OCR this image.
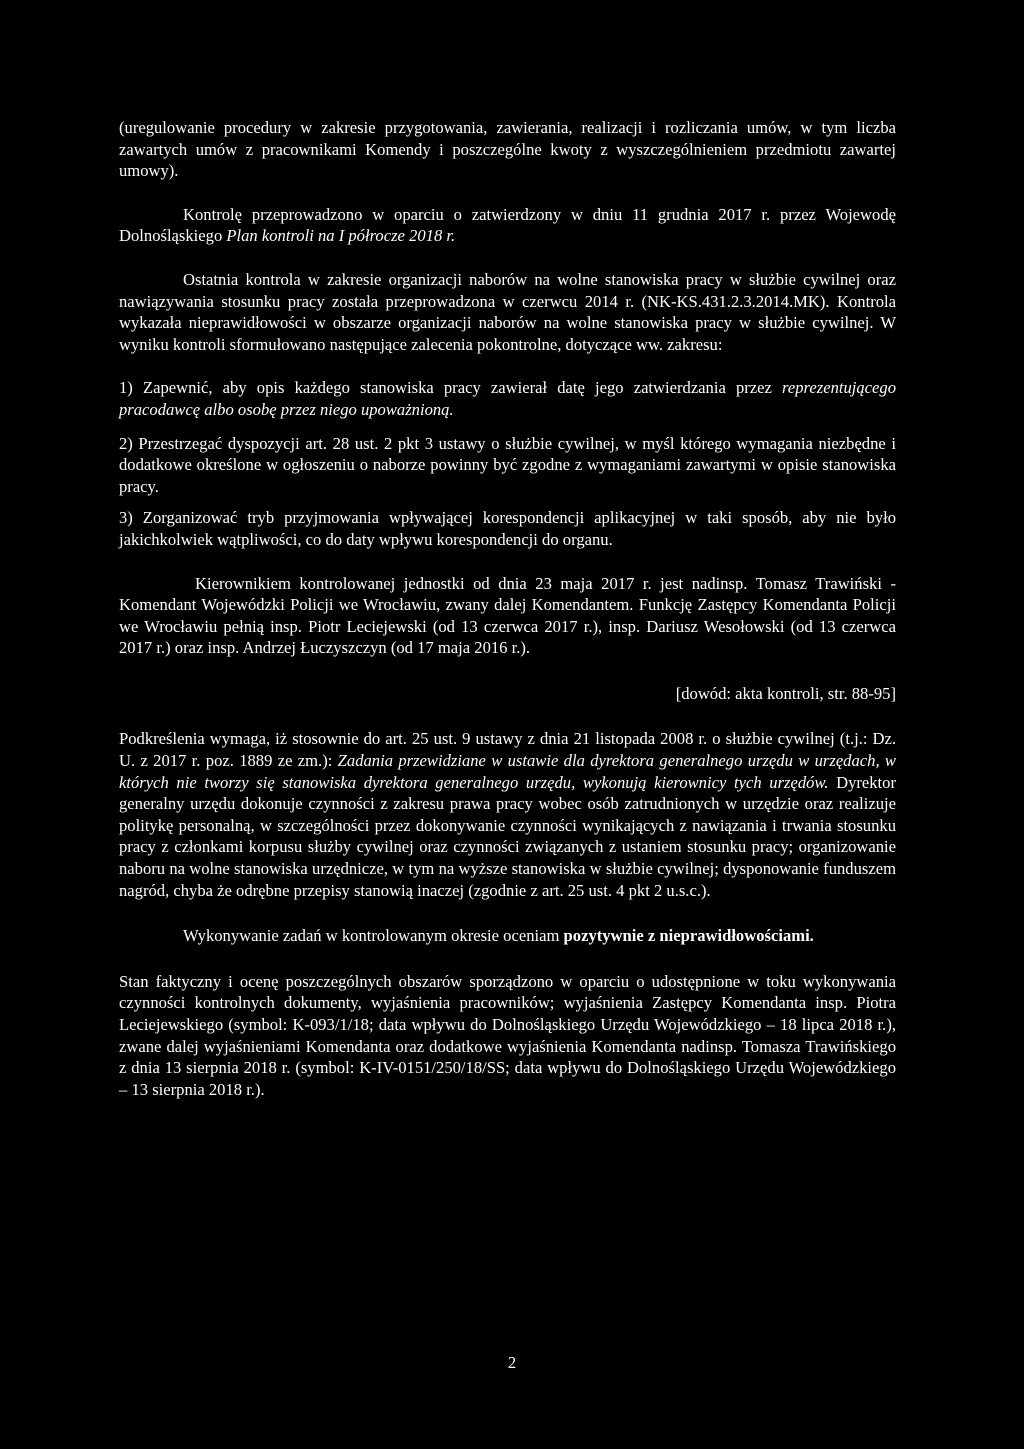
(uregulowanie procedury w zakresie przygotowania, zawierania, realizacji i rozliczania umów, w tym liczba zawartych umów z pracownikami Komendy i poszczególne kwoty z wyszczególnieniem przedmiotu zawartej umowy).

Kontrolę przeprowadzono w oparciu o zatwierdzony w dniu 11 grudnia 2017 r. przez Wojewodę Dolnośląskiego Plan kontroli na I półrocze 2018 r.

Ostatnia kontrola w zakresie organizacji naborów na wolne stanowiska pracy w służbie cywilnej oraz nawiązywania stosunku pracy została przeprowadzona w czerwcu 2014 r. (NK-KS.431.2.3.2014.MK). Kontrola wykazała nieprawidłowości w obszarze organizacji naborów na wolne stanowiska pracy w służbie cywilnej. W wyniku kontroli sformułowano następujące zalecenia pokontrolne, dotyczące ww. zakresu:

1) Zapewnić, aby opis każdego stanowiska pracy zawierał datę jego zatwierdzania przez reprezentującego pracodawcę albo osobę przez niego upoważnioną.

2) Przestrzegać dyspozycji art. 28 ust. 2 pkt 3 ustawy o służbie cywilnej, w myśl którego wymagania niezbędne i dodatkowe określone w ogłoszeniu o naborze powinny być zgodne z wymaganiami zawartymi w opisie stanowiska pracy.

3) Zorganizować tryb przyjmowania wpływającej korespondencji aplikacyjnej w taki sposób, aby nie było jakichkolwiek wątpliwości, co do daty wpływu korespondencji do organu.

Kierownikiem kontrolowanej jednostki od dnia 23 maja 2017 r. jest nadinsp. Tomasz Trawiński - Komendant Wojewódzki Policji we Wrocławiu, zwany dalej Komendantem. Funkcję Zastępcy Komendanta Policji we Wrocławiu pełnią insp. Piotr Leciejewski (od 13 czerwca 2017 r.), insp. Dariusz Wesołowski (od 13 czerwca 2017 r.) oraz insp. Andrzej Łuczyszczyn (od 17 maja 2016 r.).

[dowód: akta kontroli, str. 88-95]

Podkreślenia wymaga, iż stosownie do art. 25 ust. 9 ustawy z dnia 21 listopada 2008 r. o służbie cywilnej (t.j.: Dz. U. z 2017 r. poz. 1889 ze zm.): Zadania przewidziane w ustawie dla dyrektora generalnego urzędu w urzędach, w których nie tworzy się stanowiska dyrektora generalnego urzędu, wykonują kierownicy tych urzędów. Dyrektor generalny urzędu dokonuje czynności z zakresu prawa pracy wobec osób zatrudnionych w urzędzie oraz realizuje politykę personalną, w szczególności przez dokonywanie czynności wynikających z nawiązania i trwania stosunku pracy z członkami korpusu służby cywilnej oraz czynności związanych z ustaniem stosunku pracy; organizowanie naboru na wolne stanowiska urzędnicze, w tym na wyższe stanowiska w służbie cywilnej; dysponowanie funduszem nagród, chyba że odrębne przepisy stanowią inaczej (zgodnie z art. 25 ust. 4 pkt 2 u.s.c.).

Wykonywanie zadań w kontrolowanym okresie oceniam pozytywnie z nieprawidłowościami.

Stan faktyczny i ocenę poszczególnych obszarów sporządzono w oparciu o udostępnione w toku wykonywania czynności kontrolnych dokumenty, wyjaśnienia pracowników; wyjaśnienia Zastępcy Komendanta insp. Piotra Leciejewskiego (symbol: K-093/1/18; data wpływu do Dolnośląskiego Urzędu Wojewódzkiego – 18 lipca 2018 r.), zwane dalej wyjaśnieniami Komendanta oraz dodatkowe wyjaśnienia Komendanta nadinsp. Tomasza Trawińskiego z dnia 13 sierpnia 2018 r. (symbol: K-IV-0151/250/18/SS; data wpływu do Dolnośląskiego Urzędu Wojewódzkiego – 13 sierpnia 2018 r.).

2
